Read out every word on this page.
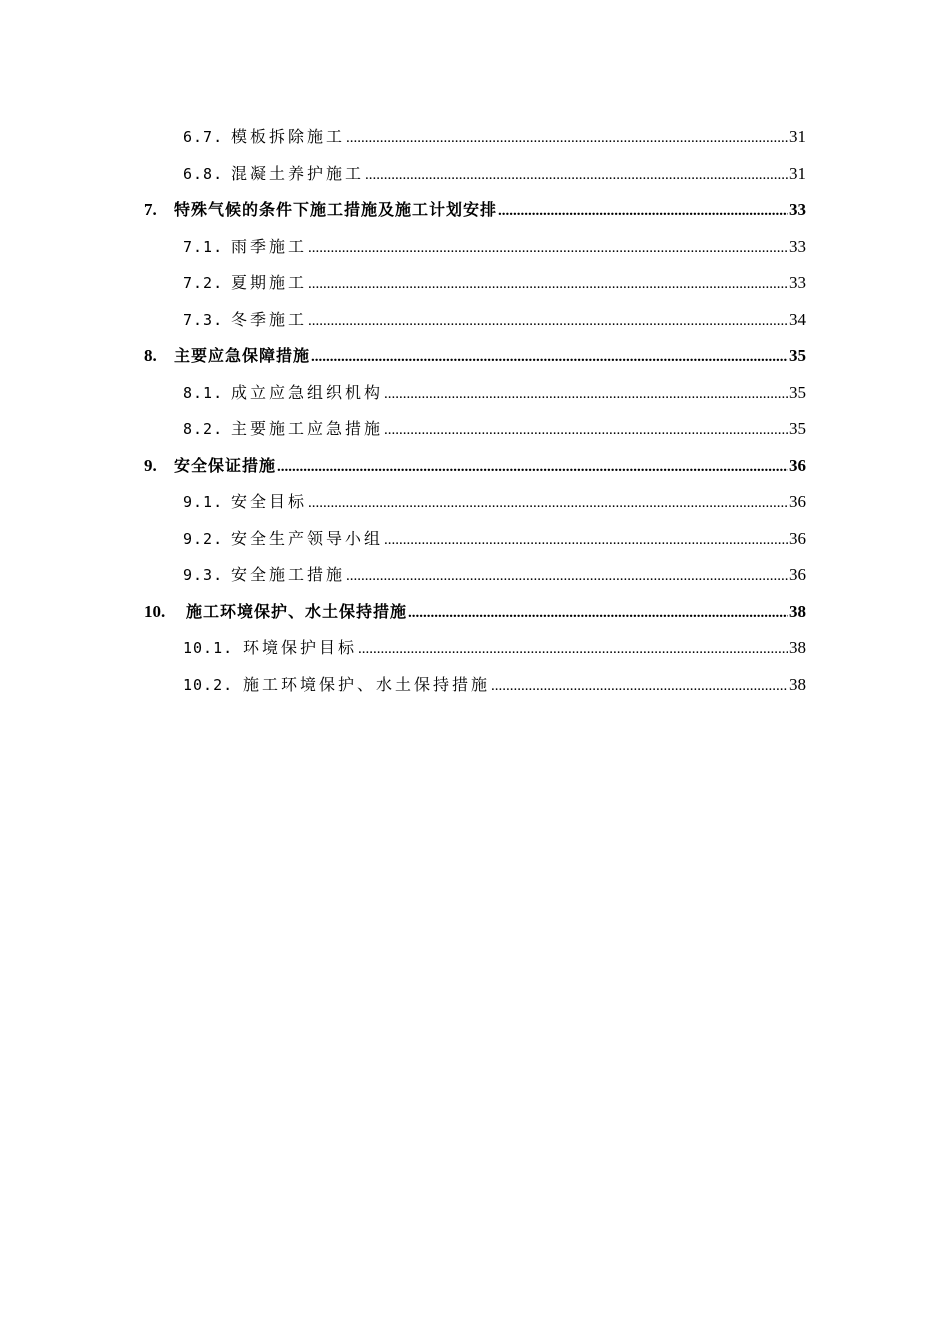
6.7. 模板拆除施工 .....	31
6.8. 混凝土养护施工 .....	31
7.	特殊气候的条件下施工措施及施工计划安排 .....	33
7.1. 雨季施工 .....	33
7.2. 夏期施工 .....	33
7.3. 冬季施工 .....	34
8.	主要应急保障措施 .....	35
8.1. 成立应急组织机构 .....	35
8.2. 主要施工应急措施 .....	35
9.	安全保证措施 .....	36
9.1. 安全目标 .....	36
9.2. 安全生产领导小组 .....	36
9.3. 安全施工措施 .....	36
10.	施工环境保护、水土保持措施 .....	38
10.1. 环境保护目标 .....	38
10.2. 施工环境保护、水土保持措施 .....	38
